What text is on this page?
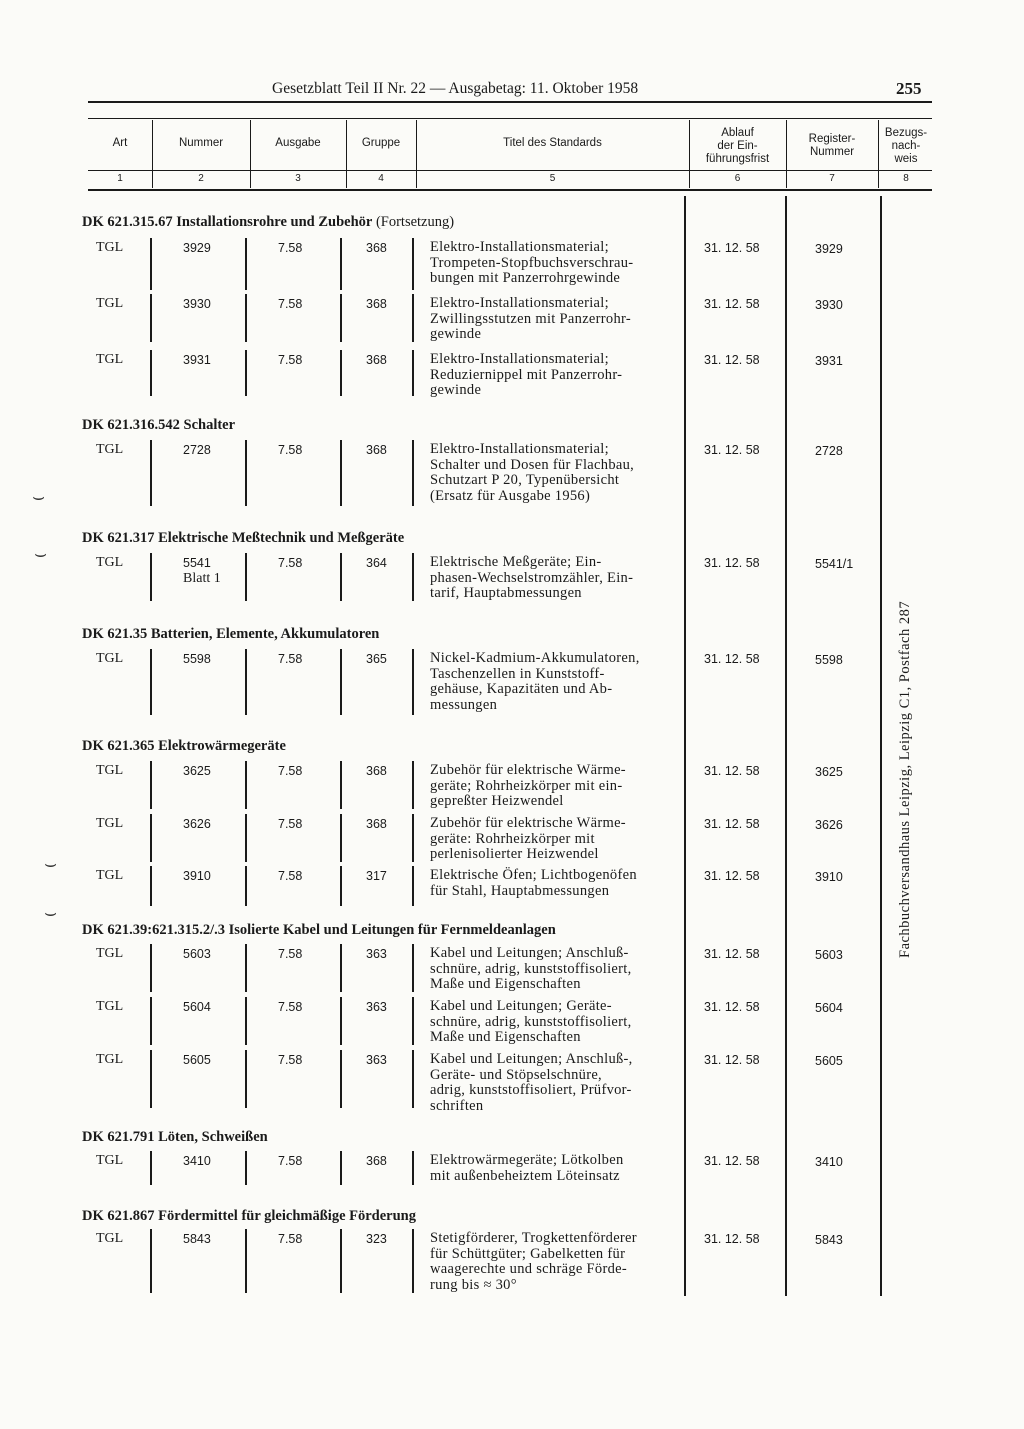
Gesetzblatt Teil II Nr. 22 — Ausgabetag: 11. Oktober 1958	255
Art	Nummer	Ausgabe	Gruppe	Titel des Standards
Ablauf
der Ein-
führungsfrist
Register-
Nummer
Bezugs-
nach-
weis
1	2	3	4	5	6	7	8
DK 621.315.67 Installationsrohre und Zubehör (Fortsetzung)
TGL	3929	7.58	368	Elektro-Installationsmaterial;
Trompeten-Stopfbuchsverschrau-
bungen mit Panzerrohrgewinde
31. 12. 58	3929
TGL	3930	7.58	368	Elektro-Installationsmaterial;
Zwillingsstutzen mit Panzerrohr-
gewinde
31. 12. 58	3930
TGL	3931	7.58	368	Elektro-Installationsmaterial;
Reduziernippel mit Panzerrohr-
gewinde
31. 12. 58	3931
DK 621.316.542 Schalter
TGL	2728	7.58	368	Elektro-Installationsmaterial;
Schalter und Dosen für Flachbau,
Schutzart P 20, Typenübersicht
(Ersatz für Ausgabe 1956)
31. 12. 58	2728
DK 621.317 Elektrische Meßtechnik und Meßgeräte
TGL	5541
Blatt 1
7.58	364	Elektrische Meßgeräte; Ein-
phasen-Wechselstromzähler, Ein-
tarif, Hauptabmessungen
31. 12. 58	5541/1
DK 621.35 Batterien, Elemente, Akkumulatoren
TGL	5598	7.58	365	Nickel-Kadmium-Akkumulatoren,
Taschenzellen in Kunststoff-
gehäuse, Kapazitäten und Ab-
messungen
31. 12. 58	5598
DK 621.365 Elektrowärmegeräte
TGL	3625	7.58	368	Zubehör für elektrische Wärme-
geräte; Rohrheizkörper mit ein-
gepreßter Heizwendel
31. 12. 58	3625
TGL	3626	7.58	368	Zubehör für elektrische Wärme-
geräte: Rohrheizkörper mit
perlenisolierter Heizwendel
31. 12. 58	3626
TGL	3910	7.58	317	Elektrische Öfen; Lichtbogenöfen
für Stahl, Hauptabmessungen
31. 12. 58	3910
DK 621.39:621.315.2/.3 Isolierte Kabel und Leitungen für Fernmeldeanlagen
TGL	5603	7.58	363	Kabel und Leitungen; Anschluß-
schnüre, adrig, kunststoffisoliert,
Maße und Eigenschaften
31. 12. 58	5603
TGL	5604	7.58	363	Kabel und Leitungen; Geräte-
schnüre, adrig, kunststoffisoliert,
Maße und Eigenschaften
31. 12. 58	5604
TGL	5605	7.58	363	Kabel und Leitungen; Anschluß-,
Geräte- und Stöpselschnüre,
adrig, kunststoffisoliert, Prüfvor-
schriften
31. 12. 58	5605
DK 621.791 Löten, Schweißen
TGL	3410	7.58	368	Elektrowärmegeräte; Lötkolben
mit außenbeheiztem Löteinsatz
31. 12. 58	3410
DK 621.867 Fördermittel für gleichmäßige Förderung
TGL	5843	7.58	323	Stetigförderer, Trogkettenförderer
für Schüttgüter; Gabelketten für
waagerechte und schräge Förde-
rung bis ≈ 30°
31. 12. 58	5843
Fachbuchversandhaus Leipzig, Leipzig C1, Postfach 287
⌣
⌣
⌣
⌣
